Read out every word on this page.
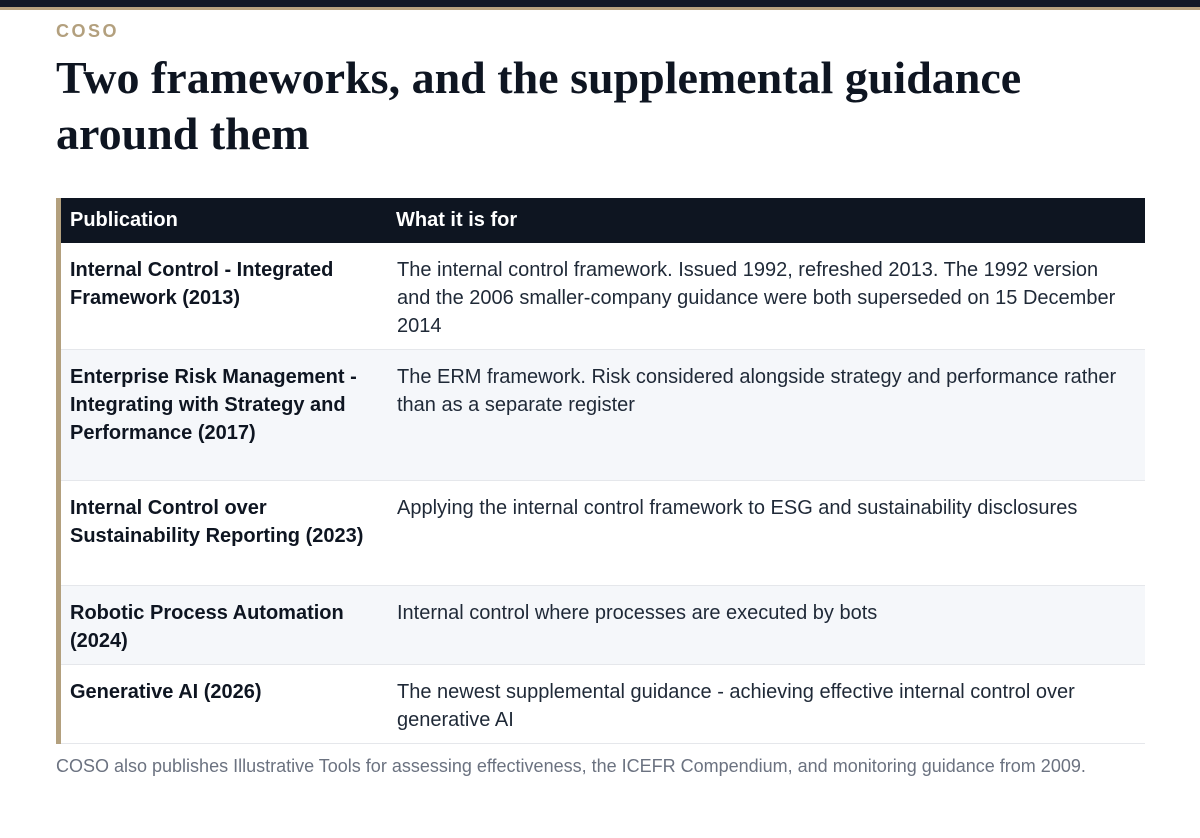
COSO
Two frameworks, and the supplemental guidance around them
Publication	What it is for
Internal Control - Integrated Framework (2013)	The internal control framework. Issued 1992, refreshed 2013. The 1992 version and the 2006 smaller-company guidance were both superseded on 15 December 2014
Enterprise Risk Management - Integrating with Strategy and Performance (2017)	The ERM framework. Risk considered alongside strategy and performance rather than as a separate register
Internal Control over Sustainability Reporting (2023)	Applying the internal control framework to ESG and sustainability disclosures
Robotic Process Automation (2024)	Internal control where processes are executed by bots
Generative AI (2026)	The newest supplemental guidance - achieving effective internal control over generative AI
COSO also publishes Illustrative Tools for assessing effectiveness, the ICEFR Compendium, and monitoring guidance from 2009.
